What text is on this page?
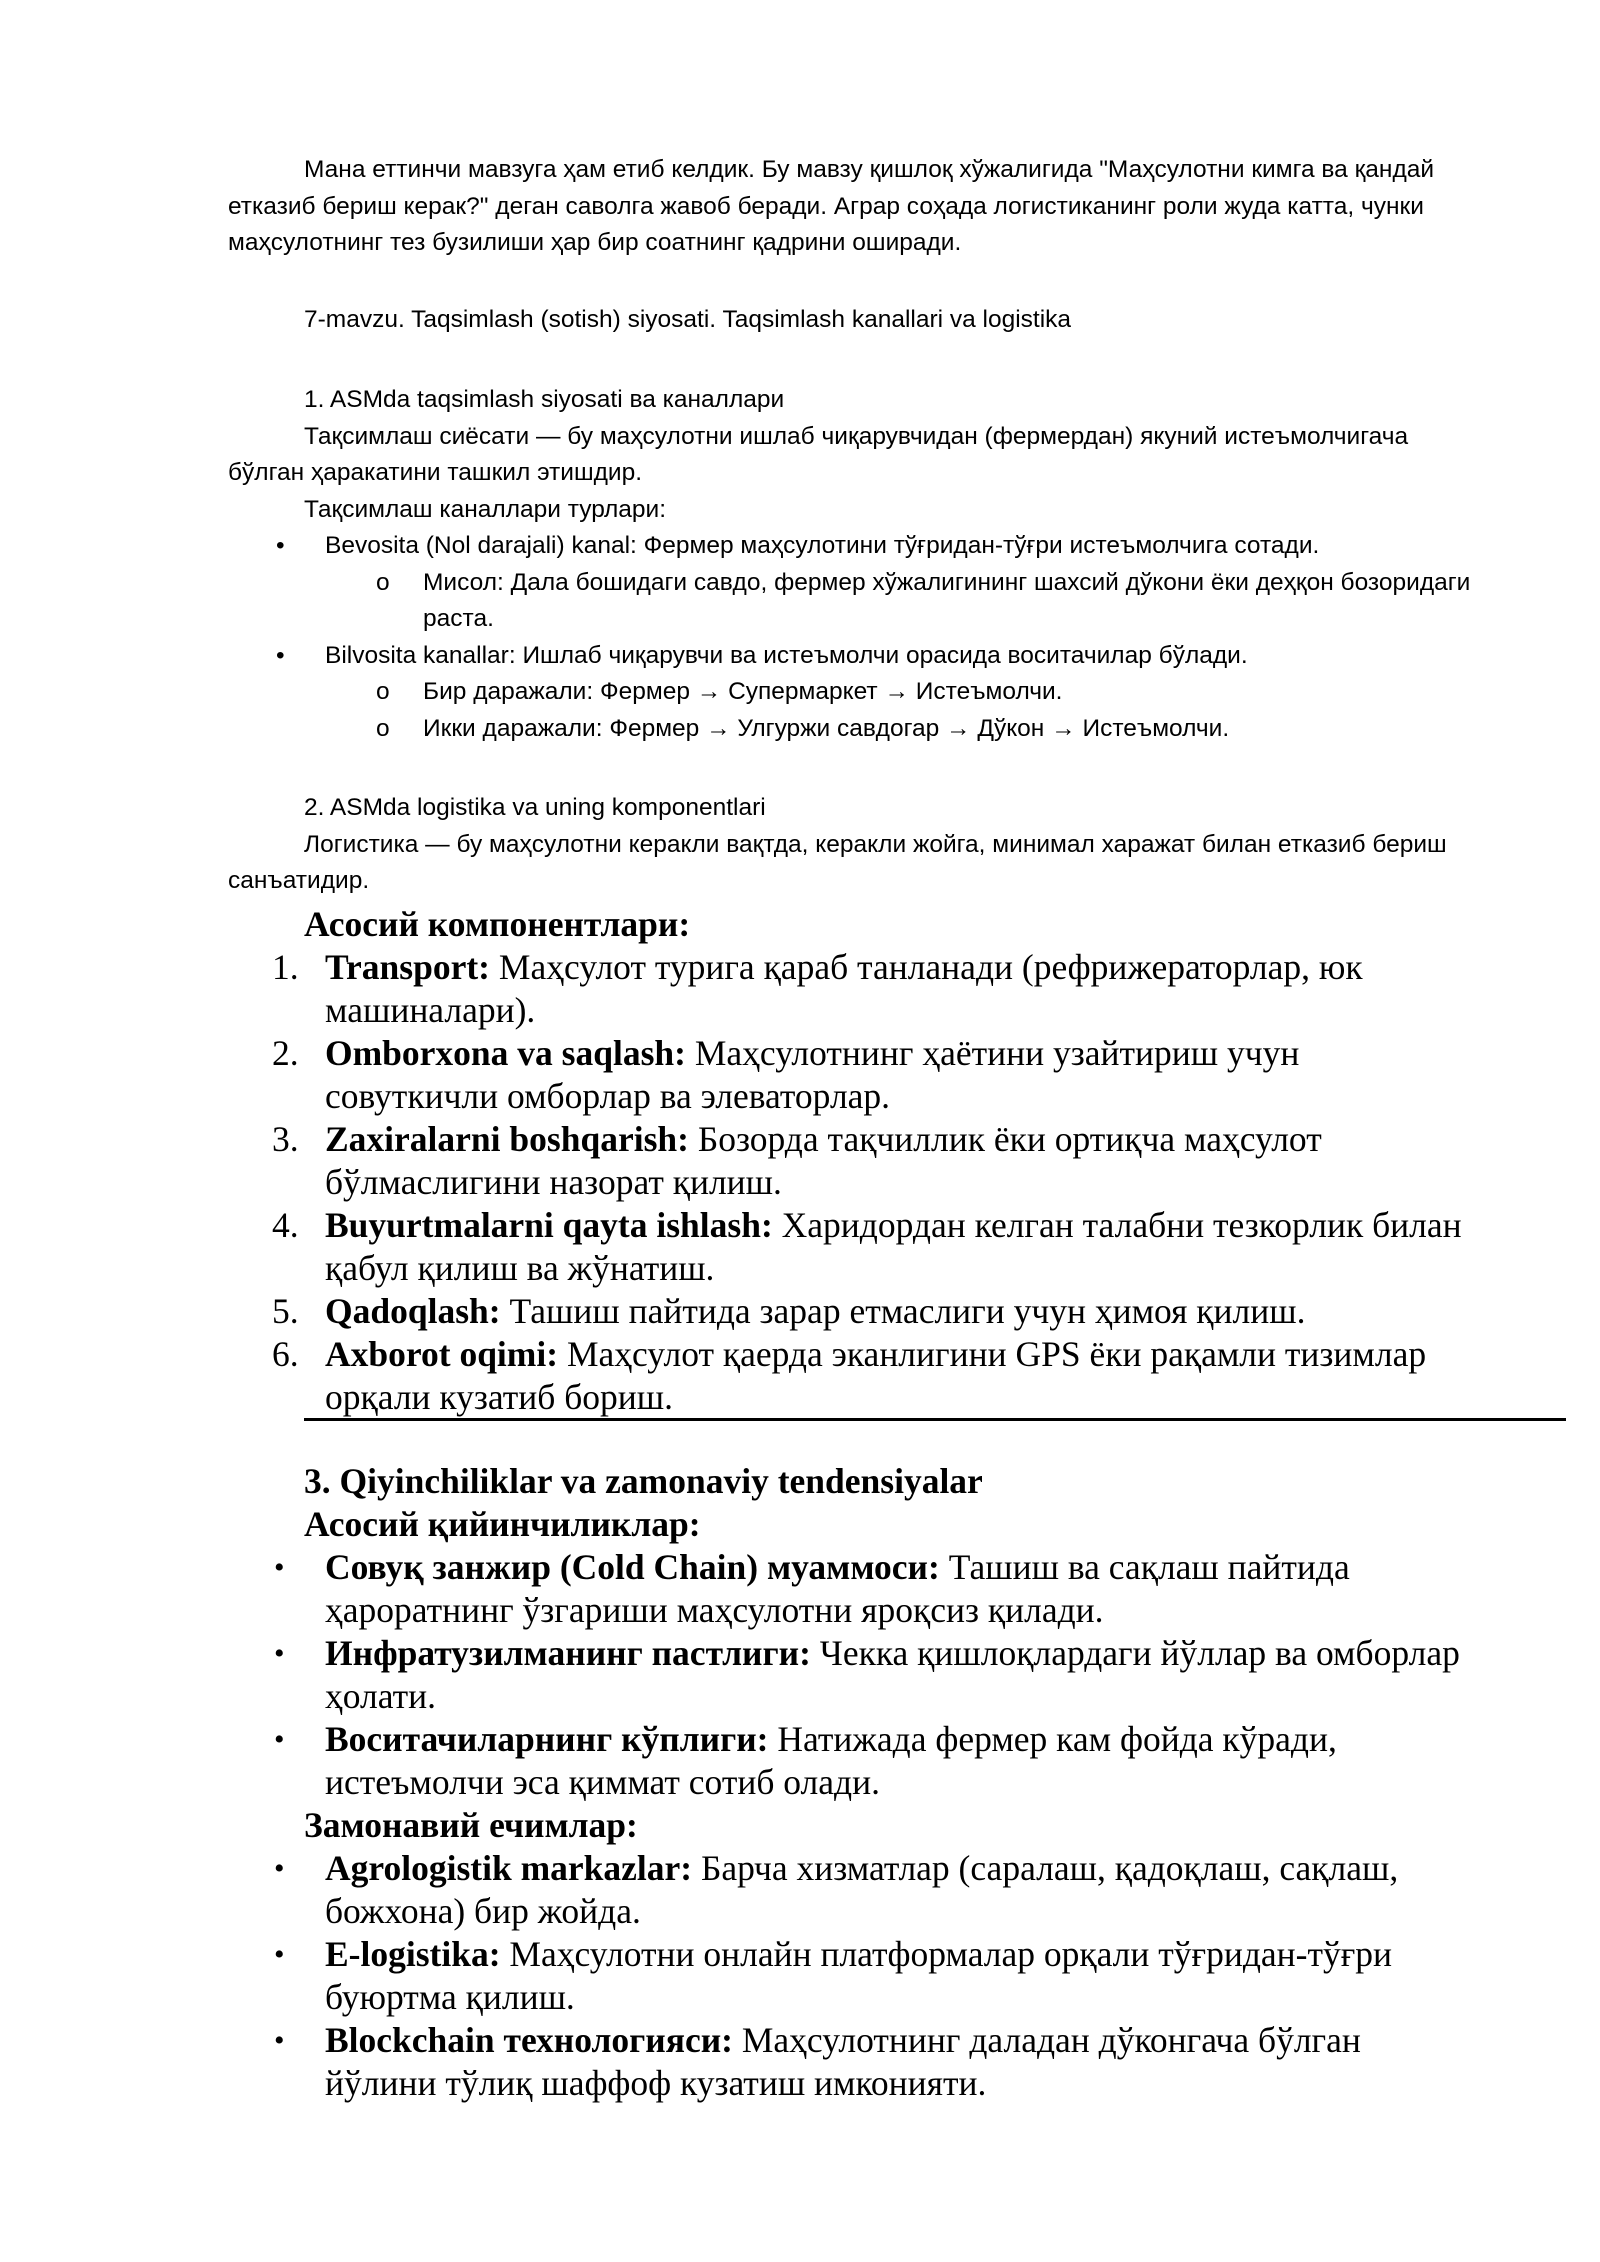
Мана еттинчи мавзуга ҳам етиб келдик. Бу мавзу қишлоқ хўжалигида "Маҳсулотни кимга ва қандай етказиб бериш керак?" деган саволга жавоб беради. Аграр соҳада логистиканинг роли жуда катта, чунки маҳсулотнинг тез бузилиши ҳар бир соатнинг қадрини оширади.

7-mavzu. Taqsimlash (sotish) siyosati. Taqsimlash kanallari va logistika

1. ASMda taqsimlash siyosati ва каналлари

Тақсимлаш сиёсати — бу маҳсулотни ишлаб чиқарувчидан (фермердан) якуний истеъмолчигача бўлган ҳаракатини ташкил этишдир.

Тақсимлаш каналлари турлари:

•	Bevosita (Nol darajali) kanal: Фермер маҳсулотини тўғридан-тўғри истеъмолчига сотади.

o	Мисол: Дала бошидаги савдо, фермер хўжалигининг шахсий дўкони ёки деҳқон бозоридаги раста.

•	Bilvosita kanallar: Ишлаб чиқарувчи ва истеъмолчи орасида воситачилар бўлади.

o	Бир даражали: Фермер → Супермаркет → Истеъмолчи.

o	Икки даражали: Фермер → Улгуржи савдогар → Дўкон → Истеъмолчи.

2. ASMda logistika va uning komponentlari

Логистика — бу маҳсулотни керакли вақтда, керакли жойга, минимал харажат билан етказиб бериш санъатидир.

Асосий компонентлари:

1. Transport: Маҳсулот турига қараб танланади (рефрижераторлар, юк машиналари).

2. Omborxona va saqlash: Маҳсулотнинг ҳаётини узайтириш учун совуткичли омборлар ва элеваторлар.

3. Zaxiralarni boshqarish: Бозорда тақчиллик ёки ортиқча маҳсулот бўлмаслигини назорат қилиш.

4. Buyurtmalarni qayta ishlash: Харидордан келган талабни тезкорлик билан қабул қилиш ва жўнатиш.

5. Qadoqlash: Ташиш пайтида зарар етмаслиги учун ҳимоя қилиш.

6. Axborot oqimi: Маҳсулот қаерда эканлигини GPS ёки рақамли тизимлар орқали кузатиб бориш.

3. Qiyinchiliklar va zamonaviy tendensiyalar

Асосий қийинчиликлар:

•	Совуқ занжир (Cold Chain) муаммоси: Ташиш ва сақлаш пайтида ҳароратнинг ўзгариши маҳсулотни яроқсиз қилади.

•	Инфратузилманинг пастлиги: Чекка қишлоқлардаги йўллар ва омборлар ҳолати.

•	Воситачиларнинг кўплиги: Натижада фермер кам фойда кўради, истеъмолчи эса қиммат сотиб олади.

Замонавий ечимлар:

•	Agrologistik markazlar: Барча хизматлар (саралаш, қадоқлаш, сақлаш, божхона) бир жойда.

•	E-logistika: Маҳсулотни онлайн платформалар орқали тўғридан-тўғри буюртма қилиш.

•	Blockchain технологияси: Маҳсулотнинг даладан дўконгача бўлган йўлини тўлиқ шаффоф кузатиш имконияти.
